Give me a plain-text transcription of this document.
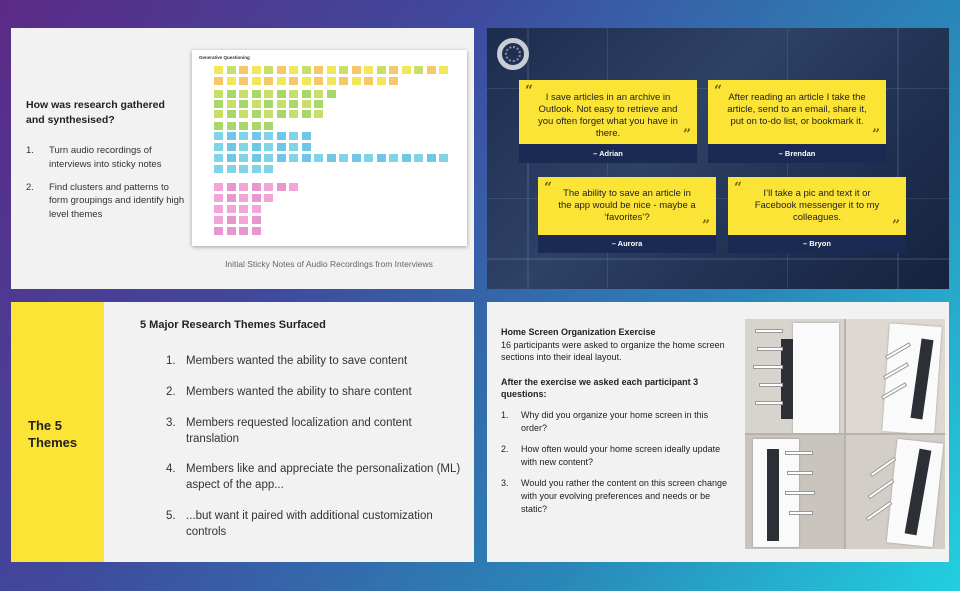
How was research gathered and synthesised?
1.	Turn audio recordings of interviews into sticky notes
2.	Find clusters and patterns to form groupings and identify high level themes
Generative Questioning
Initial Sticky Notes of Audio Recordings from Interviews
“ I save articles in an archive in Outlook. Not easy to retrieve and you often forget what you have in there.	”
– Adrian
“ After reading an article I take the article, send to an email, share it, put on to-do list, or bookmark it.
”
– Brendan
“ The ability to save an article in the app would be nice - maybe a ‘favorites’?
”
– Aurora
“ I’ll take a pic and text it or Facebook messenger it to my colleagues.
”
– Bryon
The 5 Themes
5 Major Research Themes Surfaced
1. Members wanted the ability to save content
2. Members wanted the ability to share content
3. Members requested localization and content translation
4. Members like and appreciate the personalization (ML) aspect of the app...
5. ...but want it paired with additional customization controls
Home Screen Organization Exercise
16 participants were asked to organize the home screen sections into their ideal layout.
After the exercise we asked each participant 3 questions:
1.	Why did you organize your home screen in this order?
2.	How often would your home screen ideally update with new content?
3.	Would you rather the content on this screen change with your evolving preferences and needs or be static?
